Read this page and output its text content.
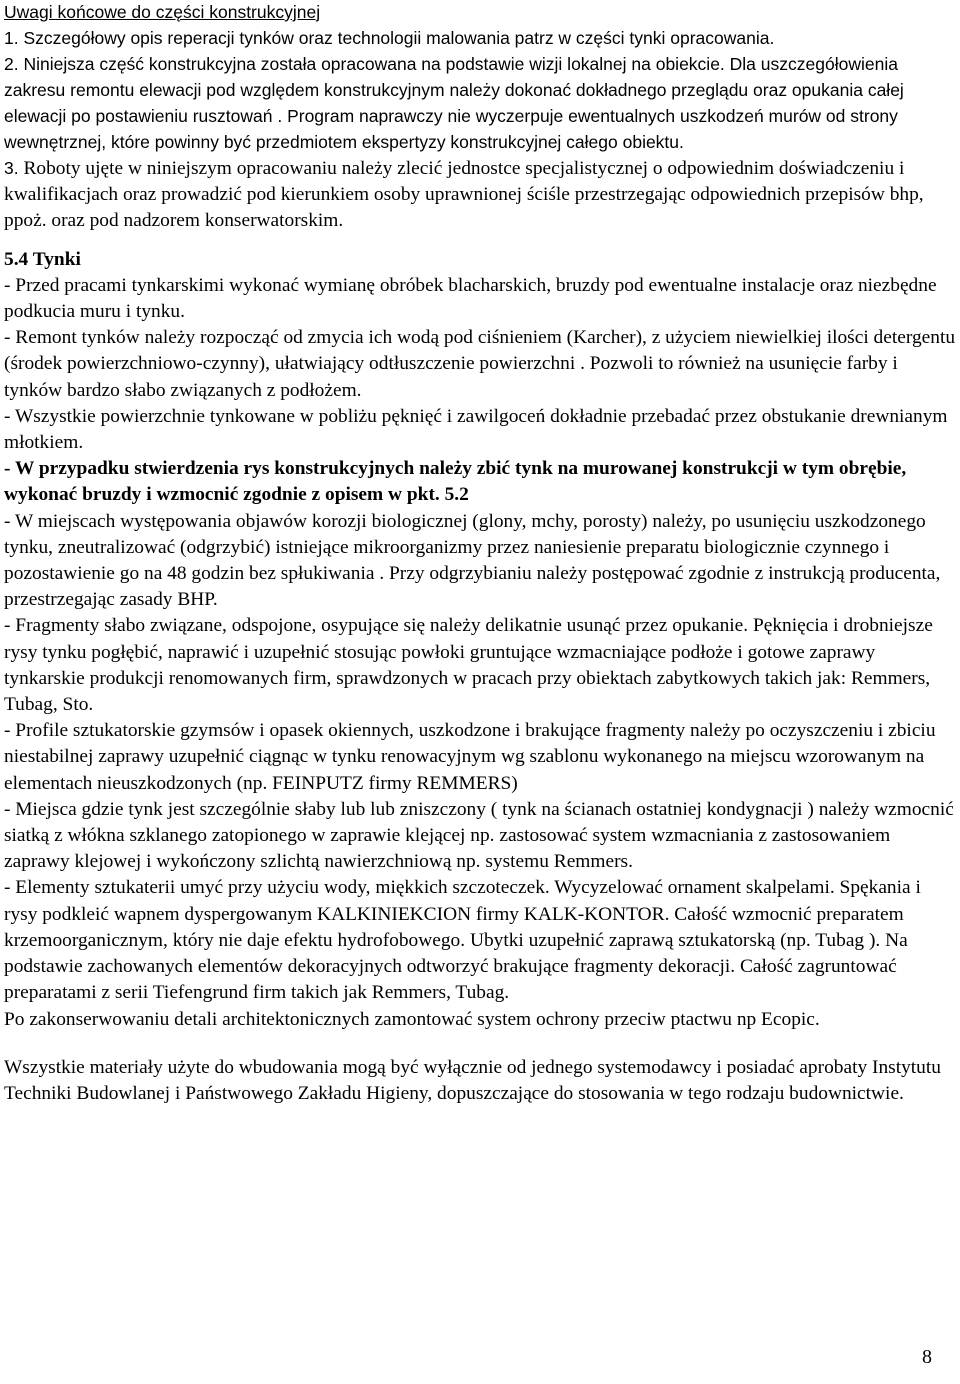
Uwagi końcowe do części konstrukcyjnej

1. Szczegółowy opis reperacji tynków oraz technologii malowania patrz w części tynki opracowania.

2. Niniejsza część konstrukcyjna została opracowana na podstawie wizji lokalnej na obiekcie. Dla uszczegółowienia zakresu remontu elewacji pod względem konstrukcyjnym należy dokonać dokładnego przeglądu oraz opukania całej elewacji po postawieniu rusztowań . Program naprawczy nie wyczerpuje ewentualnych uszkodzeń murów od strony wewnętrznej, które powinny być przedmiotem ekspertyzy konstrukcyjnej całego obiektu.

3. Roboty ujęte w niniejszym opracowaniu należy zlecić jednostce specjalistycznej o odpowiednim doświadczeniu i kwalifikacjach oraz prowadzić pod kierunkiem osoby uprawnionej ściśle przestrzegając odpowiednich przepisów bhp, ppoż. oraz pod nadzorem konserwatorskim.

5.4 Tynki

- Przed pracami tynkarskimi wykonać wymianę obróbek blacharskich, bruzdy pod ewentualne instalacje oraz niezbędne podkucia muru i tynku.

- Remont tynków należy rozpocząć od zmycia ich wodą pod ciśnieniem (Karcher), z użyciem niewielkiej ilości detergentu (środek powierzchniowo-czynny), ułatwiający odtłuszczenie powierzchni . Pozwoli to również na usunięcie farby i tynków bardzo słabo związanych z podłożem.

- Wszystkie powierzchnie tynkowane w pobliżu pęknięć i zawilgoceń dokładnie przebadać przez obstukanie drewnianym młotkiem.

- W przypadku stwierdzenia rys konstrukcyjnych należy zbić tynk na murowanej konstrukcji w tym obrębie, wykonać bruzdy i wzmocnić zgodnie z opisem w pkt. 5.2

- W miejscach występowania objawów korozji biologicznej (glony, mchy, porosty) należy, po usunięciu uszkodzonego tynku, zneutralizować (odgrzybić) istniejące mikroorganizmy przez naniesienie preparatu biologicznie czynnego i pozostawienie go na 48 godzin bez spłukiwania . Przy odgrzybianiu należy postępować zgodnie z instrukcją producenta, przestrzegając zasady BHP.

- Fragmenty słabo związane, odspojone, osypujące się należy delikatnie usunąć przez opukanie. Pęknięcia i drobniejsze rysy tynku pogłębić, naprawić i uzupełnić stosując powłoki gruntujące wzmacniające podłoże i gotowe zaprawy tynkarskie produkcji renomowanych firm, sprawdzonych w pracach przy obiektach zabytkowych takich jak: Remmers, Tubag, Sto.

- Profile sztukatorskie gzymsów i opasek okiennych, uszkodzone i brakujące fragmenty należy po oczyszczeniu i zbiciu niestabilnej zaprawy uzupełnić ciągnąc w tynku renowacyjnym wg szablonu wykonanego na miejscu wzorowanym na elementach nieuszkodzonych (np. FEINPUTZ firmy REMMERS)

- Miejsca gdzie tynk jest szczególnie słaby lub lub zniszczony ( tynk na ścianach ostatniej kondygnacji ) należy wzmocnić siatką z włókna szklanego zatopionego w zaprawie klejącej np. zastosować system wzmacniania z zastosowaniem zaprawy klejowej i wykończony szlichtą nawierzchniową np. systemu Remmers.

- Elementy sztukaterii umyć przy użyciu wody, miękkich szczoteczek. Wycyzelować ornament skalpelami. Spękania i rysy podkleić wapnem dyspergowanym KALKINIEKCION firmy KALK-KONTOR. Całość wzmocnić preparatem krzemoorganicznym, który nie daje efektu hydrofobowego. Ubytki uzupełnić zaprawą sztukatorską (np. Tubag ). Na podstawie zachowanych elementów dekoracyjnych odtworzyć brakujące fragmenty dekoracji. Całość zagruntować preparatami z serii Tiefengrund firm takich jak Remmers, Tubag.

Po zakonserwowaniu detali architektonicznych zamontować system ochrony przeciw ptactwu np Ecopic.

Wszystkie materiały użyte do wbudowania mogą być wyłącznie od jednego systemodawcy i posiadać aprobaty Instytutu Techniki Budowlanej i Państwowego Zakładu Higieny, dopuszczające do stosowania w tego rodzaju budownictwie.

8
